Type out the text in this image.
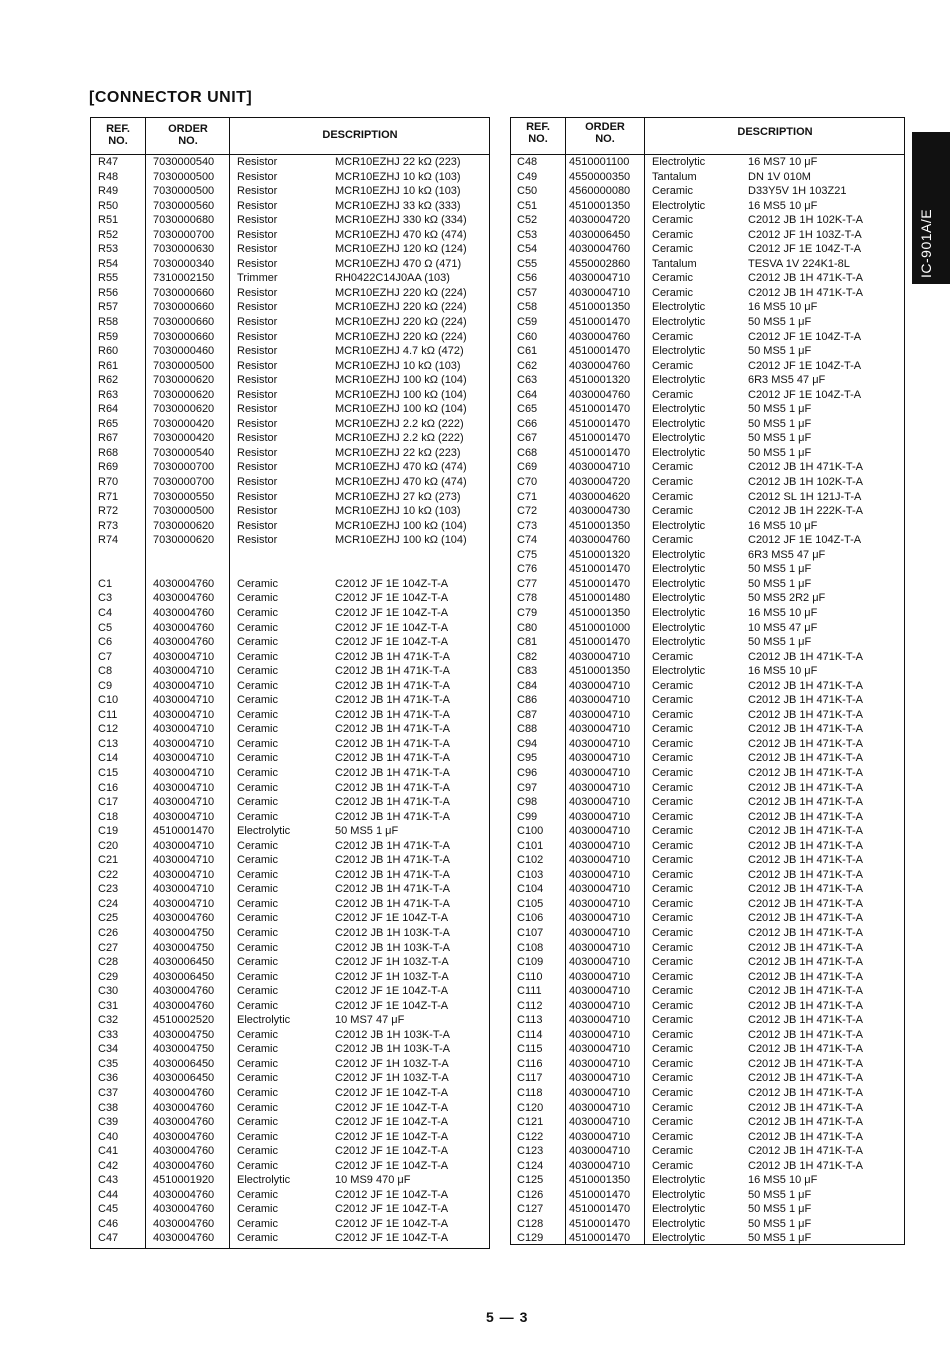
[CONNECTOR UNIT]
REF.
NO.
ORDER
NO.	DESCRIPTION
R47	7030000540 Resistor	MCR10EZHJ 22 kΩ (223)
R48	7030000500 Resistor	MCR10EZHJ 10 kΩ (103)
R49	7030000500 Resistor	MCR10EZHJ 10 kΩ (103)
R50	7030000560 Resistor	MCR10EZHJ 33 kΩ (333)
R51	7030000680 Resistor	MCR10EZHJ 330 kΩ (334)
R52	7030000700 Resistor	MCR10EZHJ 470 kΩ (474)
R53	7030000630 Resistor	MCR10EZHJ 120 kΩ (124)
R54	7030000340 Resistor	MCR10EZHJ 470 Ω (471)
R55	7310002150 Trimmer	RH0422C14J0AA (103)
R56	7030000660 Resistor	MCR10EZHJ 220 kΩ (224)
R57	7030000660 Resistor	MCR10EZHJ 220 kΩ (224)
R58	7030000660 Resistor	MCR10EZHJ 220 kΩ (224)
R59	7030000660 Resistor	MCR10EZHJ 220 kΩ (224)
R60	7030000460 Resistor	MCR10EZHJ 4.7 kΩ (472)
R61	7030000500 Resistor	MCR10EZHJ 10 kΩ (103)
R62	7030000620 Resistor	MCR10EZHJ 100 kΩ (104)
R63	7030000620 Resistor	MCR10EZHJ 100 kΩ (104)
R64	7030000620 Resistor	MCR10EZHJ 100 kΩ (104)
R65	7030000420 Resistor	MCR10EZHJ 2.2 kΩ (222)
R67	7030000420 Resistor	MCR10EZHJ 2.2 kΩ (222)
R68	7030000540 Resistor	MCR10EZHJ 22 kΩ (223)
R69	7030000700 Resistor	MCR10EZHJ 470 kΩ (474)
R70	7030000700 Resistor	MCR10EZHJ 470 kΩ (474)
R71	7030000550 Resistor	MCR10EZHJ 27 kΩ (273)
R72	7030000500 Resistor	MCR10EZHJ 10 kΩ (103)
R73	7030000620 Resistor	MCR10EZHJ 100 kΩ (104)
R74	7030000620 Resistor	MCR10EZHJ 100 kΩ (104)
C1	4030004760 Ceramic	C2012 JF 1E 104Z-T-A
C3	4030004760 Ceramic	C2012 JF 1E 104Z-T-A
C4	4030004760 Ceramic	C2012 JF 1E 104Z-T-A
C5	4030004760 Ceramic	C2012 JF 1E 104Z-T-A
C6	4030004760 Ceramic	C2012 JF 1E 104Z-T-A
C7	4030004710 Ceramic	C2012 JB 1H 471K-T-A
C8	4030004710 Ceramic	C2012 JB 1H 471K-T-A
C9	4030004710 Ceramic	C2012 JB 1H 471K-T-A
C10	4030004710 Ceramic	C2012 JB 1H 471K-T-A
C11	4030004710 Ceramic	C2012 JB 1H 471K-T-A
C12	4030004710 Ceramic	C2012 JB 1H 471K-T-A
C13	4030004710 Ceramic	C2012 JB 1H 471K-T-A
C14	4030004710 Ceramic	C2012 JB 1H 471K-T-A
C15	4030004710 Ceramic	C2012 JB 1H 471K-T-A
C16	4030004710 Ceramic	C2012 JB 1H 471K-T-A
C17	4030004710 Ceramic	C2012 JB 1H 471K-T-A
C18	4030004710 Ceramic	C2012 JB 1H 471K-T-A
C19	4510001470 Electrolytic	50 MS5 1 μF
C20	4030004710 Ceramic	C2012 JB 1H 471K-T-A
C21	4030004710 Ceramic	C2012 JB 1H 471K-T-A
C22	4030004710 Ceramic	C2012 JB 1H 471K-T-A
C23	4030004710 Ceramic	C2012 JB 1H 471K-T-A
C24	4030004710 Ceramic	C2012 JB 1H 471K-T-A
C25	4030004760 Ceramic	C2012 JF 1E 104Z-T-A
C26	4030004750 Ceramic	C2012 JB 1H 103K-T-A
C27	4030004750 Ceramic	C2012 JB 1H 103K-T-A
C28	4030006450 Ceramic	C2012 JF 1H 103Z-T-A
C29	4030006450 Ceramic	C2012 JF 1H 103Z-T-A
C30	4030004760 Ceramic	C2012 JF 1E 104Z-T-A
C31	4030004760 Ceramic	C2012 JF 1E 104Z-T-A
C32	4510002520 Electrolytic	10 MS7 47 μF
C33	4030004750 Ceramic	C2012 JB 1H 103K-T-A
C34	4030004750 Ceramic	C2012 JB 1H 103K-T-A
C35	4030006450 Ceramic	C2012 JF 1H 103Z-T-A
C36	4030006450 Ceramic	C2012 JF 1H 103Z-T-A
C37	4030004760 Ceramic	C2012 JF 1E 104Z-T-A
C38	4030004760 Ceramic	C2012 JF 1E 104Z-T-A
C39	4030004760 Ceramic	C2012 JF 1E 104Z-T-A
C40	4030004760 Ceramic	C2012 JF 1E 104Z-T-A
C41	4030004760 Ceramic	C2012 JF 1E 104Z-T-A
C42	4030004760 Ceramic	C2012 JF 1E 104Z-T-A
C43	4510001920 Electrolytic	10 MS9 470 μF
C44	4030004760 Ceramic	C2012 JF 1E 104Z-T-A
C45	4030004760 Ceramic	C2012 JF 1E 104Z-T-A
C46	4030004760 Ceramic	C2012 JF 1E 104Z-T-A
C47	4030004760 Ceramic	C2012 JF 1E 104Z-T-A
REF.
NO.
ORDER
NO.
DESCRIPTION
C48	4510001100 Electrolytic	16 MS7 10 μF
C49	4550000350 Tantalum	DN 1V 010M
C50	4560000080 Ceramic	D33Y5V 1H 103Z21
C51	4510001350 Electrolytic	16 MS5 10 μF
C52	4030004720 Ceramic	C2012 JB 1H 102K-T-A
C53	4030006450 Ceramic	C2012 JF 1H 103Z-T-A
C54	4030004760 Ceramic	C2012 JF 1E 104Z-T-A
C55	4550002860 Tantalum	TESVA 1V 224K1-8L
C56	4030004710 Ceramic	C2012 JB 1H 471K-T-A
C57	4030004710 Ceramic	C2012 JB 1H 471K-T-A
C58	4510001350 Electrolytic	16 MS5 10 μF
C59	4510001470 Electrolytic	50 MS5 1 μF
C60	4030004760 Ceramic	C2012 JF 1E 104Z-T-A
C61	4510001470 Electrolytic	50 MS5 1 μF
C62	4030004760 Ceramic	C2012 JF 1E 104Z-T-A
C63	4510001320 Electrolytic	6R3 MS5 47 μF
C64	4030004760 Ceramic	C2012 JF 1E 104Z-T-A
C65	4510001470 Electrolytic	50 MS5 1 μF
C66	4510001470 Electrolytic	50 MS5 1 μF
C67	4510001470 Electrolytic	50 MS5 1 μF
C68	4510001470 Electrolytic	50 MS5 1 μF
C69	4030004710 Ceramic	C2012 JB 1H 471K-T-A
C70	4030004720 Ceramic	C2012 JB 1H 102K-T-A
C71	4030004620 Ceramic	C2012 SL 1H 121J-T-A
C72	4030004730 Ceramic	C2012 JB 1H 222K-T-A
C73	4510001350 Electrolytic	16 MS5 10 μF
C74	4030004760 Ceramic	C2012 JF 1E 104Z-T-A
C75	4510001320 Electrolytic	6R3 MS5 47 μF
C76	4510001470 Electrolytic	50 MS5 1 μF
C77	4510001470 Electrolytic	50 MS5 1 μF
C78	4510001480 Electrolytic	50 MS5 2R2 μF
C79	4510001350 Electrolytic	16 MS5 10 μF
C80	4510001000 Electrolytic	10 MS5 47 μF
C81	4510001470 Electrolytic	50 MS5 1 μF
C82	4030004710 Ceramic	C2012 JB 1H 471K-T-A
C83	4510001350 Electrolytic	16 MS5 10 μF
C84	4030004710 Ceramic	C2012 JB 1H 471K-T-A
C86	4030004710 Ceramic	C2012 JB 1H 471K-T-A
C87	4030004710 Ceramic	C2012 JB 1H 471K-T-A
C88	4030004710 Ceramic	C2012 JB 1H 471K-T-A
C94	4030004710 Ceramic	C2012 JB 1H 471K-T-A
C95	4030004710 Ceramic	C2012 JB 1H 471K-T-A
C96	4030004710 Ceramic	C2012 JB 1H 471K-T-A
C97	4030004710 Ceramic	C2012 JB 1H 471K-T-A
C98	4030004710 Ceramic	C2012 JB 1H 471K-T-A
C99	4030004710 Ceramic	C2012 JB 1H 471K-T-A
C100 4030004710 Ceramic	C2012 JB 1H 471K-T-A
C101 4030004710 Ceramic	C2012 JB 1H 471K-T-A
C102 4030004710 Ceramic	C2012 JB 1H 471K-T-A
C103 4030004710 Ceramic	C2012 JB 1H 471K-T-A
C104 4030004710 Ceramic	C2012 JB 1H 471K-T-A
C105 4030004710 Ceramic	C2012 JB 1H 471K-T-A
C106 4030004710 Ceramic	C2012 JB 1H 471K-T-A
C107 4030004710 Ceramic	C2012 JB 1H 471K-T-A
C108 4030004710 Ceramic	C2012 JB 1H 471K-T-A
C109 4030004710 Ceramic	C2012 JB 1H 471K-T-A
C110 4030004710 Ceramic	C2012 JB 1H 471K-T-A
C111 4030004710 Ceramic	C2012 JB 1H 471K-T-A
C112 4030004710 Ceramic	C2012 JB 1H 471K-T-A
C113 4030004710 Ceramic	C2012 JB 1H 471K-T-A
C114 4030004710 Ceramic	C2012 JB 1H 471K-T-A
C115 4030004710 Ceramic	C2012 JB 1H 471K-T-A
C116 4030004710 Ceramic	C2012 JB 1H 471K-T-A
C117 4030004710 Ceramic	C2012 JB 1H 471K-T-A
C118 4030004710 Ceramic	C2012 JB 1H 471K-T-A
C120 4030004710 Ceramic	C2012 JB 1H 471K-T-A
C121 4030004710 Ceramic	C2012 JB 1H 471K-T-A
C122 4030004710 Ceramic	C2012 JB 1H 471K-T-A
C123 4030004710 Ceramic	C2012 JB 1H 471K-T-A
C124 4030004710 Ceramic	C2012 JB 1H 471K-T-A
C125 4510001350 Electrolytic	16 MS5 10 μF
C126 4510001470 Electrolytic	50 MS5 1 μF
C127 4510001470 Electrolytic	50 MS5 1 μF
C128 4510001470 Electrolytic	50 MS5 1 μF
C129 4510001470 Electrolytic	50 MS5 1 μF
IC-901A/E
5 — 3
